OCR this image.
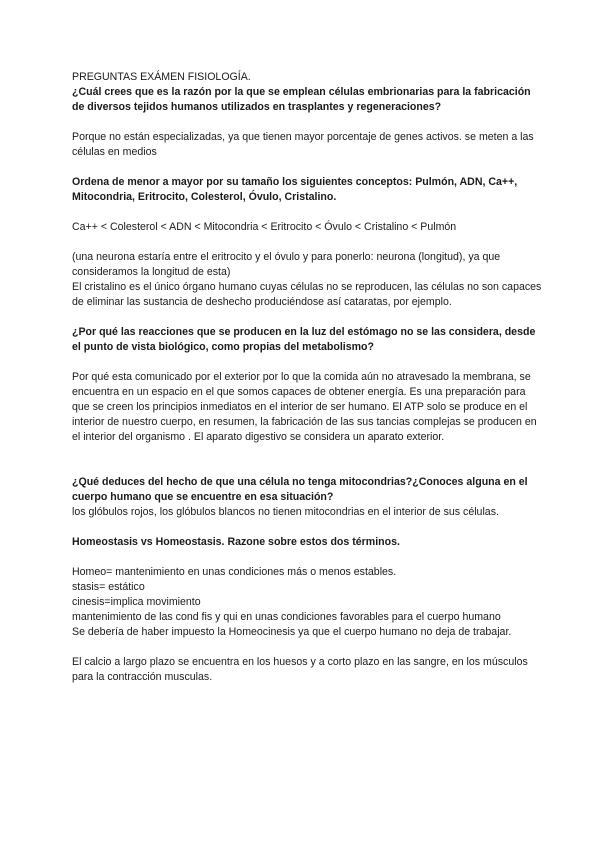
PREGUNTAS EXÁMEN FISIOLOGÍA.

¿Cuál crees que es la razón por la que se emplean células embrionarias para la fabricación de diversos tejidos humanos utilizados en trasplantes y regeneraciones?

Porque no están especializadas, ya que tienen mayor porcentaje de genes activos. se meten a las células en medios

Ordena de menor a mayor por su tamaño los siguientes conceptos: Pulmón, ADN, Ca++, Mitocondria, Eritrocito, Colesterol, Óvulo, Cristalino.

Ca++ < Colesterol < ADN < Mitocondria < Eritrocito < Óvulo < Cristalino < Pulmón

(una neurona estaría entre el eritrocito y el óvulo y para ponerlo: neurona (longitud), ya que consideramos la longitud de esta)

El cristalino es el único órgano humano cuyas células no se reproducen, las células no son capaces de eliminar las sustancia de deshecho produciéndose así cataratas, por ejemplo.

¿Por qué las reacciones que se producen en la luz del estómago no se las considera, desde el punto de vista biológico, como propias del metabolismo?

Por qué esta comunicado por el exterior por lo que la comida aún no atravesado la membrana, se encuentra en un espacio en el que somos capaces de obtener energía. Es una preparación para que se creen los principios inmediatos en el interior de ser humano. El ATP solo se produce en el interior de nuestro cuerpo, en resumen, la fabricación de las sus tancias complejas se producen en el interior del organismo . El aparato digestivo se considera un aparato exterior.

¿Qué deduces del hecho de que una célula no tenga mitocondrias?¿Conoces alguna en el cuerpo humano que se encuentre en esa situación?

los glóbulos rojos, los glóbulos blancos no tienen mitocondrias en el interior de sus células.

Homeostasis vs Homeostasis. Razone sobre estos dos términos.

Homeo= mantenimiento en unas condiciones más o menos estables.

stasis= estático

cinesis=implica movimiento

mantenimiento de las cond fis y qui en unas condiciones favorables para el cuerpo humano

Se debería de haber impuesto la Homeocinesis ya que el cuerpo humano no deja de trabajar.

El calcio a largo plazo se encuentra en los huesos y a corto plazo en las sangre, en los músculos para la contracción musculas.
